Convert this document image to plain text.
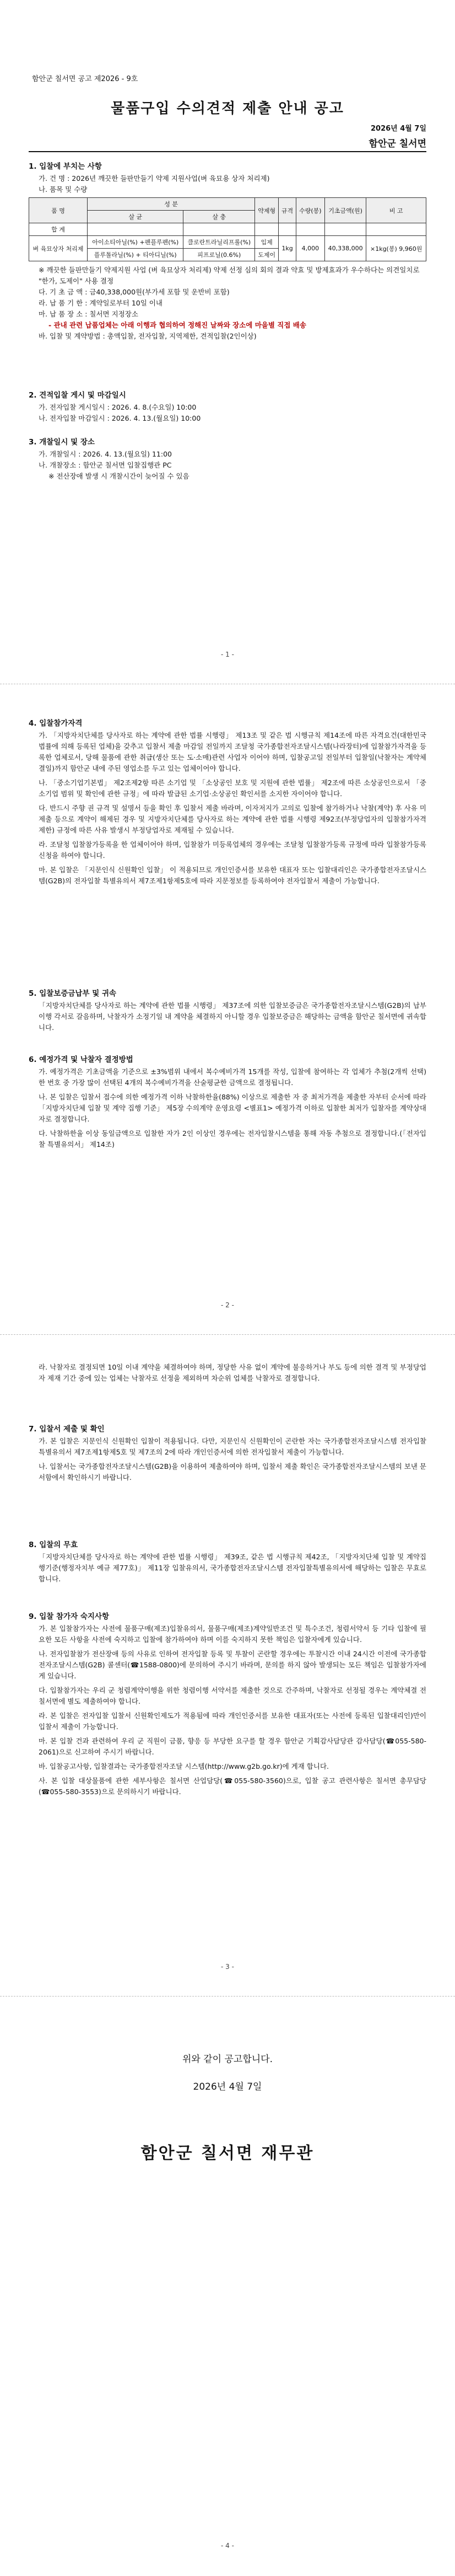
함안군 칠서면 공고 제2026 - 9호
물품구입 수의견적 제출 안내 공고
2026년 4월 7일
함안군 칠서면
1. 입찰에 부치는 사항

가. 건 명 : 2026년 깨끗한 들판만들기 약제 지원사업(벼 육묘용 상자 처리제)

나. 품목 및 수량

품 명	성 분		약제형	규격	수량(봉)	기초금액(원)	비 고
	살 균	살 충					
합 계							
벼 육묘상자 처리제	아이소티아닐(%) +펜플루펜(%)	클로란트라닐리프롤(%)	입제	1kg	4,000	40,338,000	×1kg(봉) 9,960원
	플루톨라닐(%) + 티아디닐(%)	피프로닐(0.6%)	도제이				

※ 깨끗한 들판만들기 약제지원 사업 (벼 육묘상자 처리제) 약제 선정 심의 회의 결과 약효 및 방제효과가 우수하다는 의견일치로 "한가, 도제이" 사용 결정

다. 기 초 금 액 : 금40,338,000원(부가세 포함 및 운반비 포함)

라. 납 품 기 한 : 계약일로부터 10일 이내

마. 납 품 장 소 : 칠서면 지정장소

- 관내 관련 납품업체는 아래 이행과 협의하여 정해진 날짜와 장소에 마을별 직접 배송

바. 입찰 및 계약방법 : 총액입찰, 전자입찰, 지역제한, 견적입찰(2인이상)

2. 견적입찰 게시 및 마감일시

가. 전자입찰 게시일시 : 2026. 4. 8.(수요일) 10:00

나. 전자입찰 마감일시 : 2026. 4. 13.(월요일) 10:00

3. 개찰일시 및 장소

가. 개찰일시 : 2026. 4. 13.(월요일) 11:00

나. 개찰장소 : 함안군 칠서면 입찰집행관 PC

※ 전산장애 발생 시 개찰시간이 늦어질 수 있음

- 1 -
4. 입찰참가자격

가. 「지방자치단체를 당사자로 하는 계약에 관한 법률 시행령」 제13조 및 같은 법 시행규칙 제14조에 따른 자격요건(대한민국 법률에 의해 등록된 업체)을 갖추고 입찰서 제출 마감일 전일까지 조달청 국가종합전자조달시스템(나라장터)에 입찰참가자격을 등록한 업체로서, 당해 물품에 관한 취급(생산 또는 도·소매)관련 사업자 이어야 하며, 입찰공고일 전일부터 입찰일(낙찰자는 계약체결일)까지 함안군 내에 주된 영업소를 두고 있는 업체이어야 합니다.

나. 「중소기업기본법」 제2조제2항 따른 소기업 및 「소상공인 보호 및 지원에 관한 법률」 제2조에 따른 소상공인으로서 「중소기업 범위 및 확인에 관한 규정」에 따라 발급된 소기업·소상공인 확인서를 소지한 자이어야 합니다.

다. 반드시 주향 권 규격 및 설명서 등을 확인 후 입찰서 제출 바라며, 이자저지가 고의로 입찰에 참가하거나 낙찰(계약) 후 사유 미제출 등으로 계약이 해제된 경우 및 지방자치단체를 당사자로 하는 계약에 관한 법률 시행령 제92조(부정당업자의 입찰참가자격 제한) 규정에 따른 사유 발생시 부정당업자로 제재될 수 있습니다.

라. 조달청 입찰참가등록을 한 업체이어야 하며, 입찰참가 미등록업체의 경우에는 조달청 입찰참가등록 규정에 따라 입찰참가등록신청을 하여야 합니다.

마. 본 입찰은 「지문인식 신원확인 입찰」 이 적용되므로 개인인증서를 보유한 대표자 또는 입찰대리인은 국가종합전자조달시스템(G2B)의 전자입찰 특별유의서 제7조제1항제5호에 따라 지문정보를 등록하여야 전자입찰서 제출이 가능합니다.

5. 입찰보증금납부 및 귀속

「지방자치단체를 당사자로 하는 계약에 관한 법률 시행령」 제37조에 의한 입찰보증금은 국가종합전자조달시스템(G2B)의 납부이행 각서로 갈음하며, 낙찰자가 소정기일 내 계약을 체결하지 아니할 경우 입찰보증금은 해당하는 금액을 함안군 칠서면에 귀속합니다.

6. 예정가격 및 낙찰자 결정방법

가. 예정가격은 기초금액을 기준으로 ±3%범위 내에서 복수예비가격 15개를 작성, 입찰에 참여하는 각 업체가 추첨(2개씩 선택)한 번호 중 가장 많이 선택된 4개의 복수예비가격을 산술평균한 금액으로 결정됩니다.

나. 본 입찰은 입찰서 접수에 의한 예정가격 이하 낙찰하한율(88%) 이상으로 제출한 자 중 최저가격을 제출한 자부터 순서에 따라 「지방자치단체 입찰 및 계약 집행 기준」 제5장 수의계약 운영요령 <별표1> 예정가격 이하로 입찰한 최저가 입찰자를 계약상대자로 결정합니다.

다. 낙찰하한율 이상 동일금액으로 입찰한 자가 2인 이상인 경우에는 전자입찰시스템을 통해 자동 추첨으로 결정합니다.(「전자입찰 특별유의서」 제14조)

- 2 -

라. 낙찰자로 결정되면 10일 이내 계약을 체결하여야 하며, 정당한 사유 없이 계약에 불응하거나 부도 등에 의한 결격 및 부정당업자 제재 기간 중에 있는 업체는 낙찰자로 선정을 제외하며 차순위 업체를 낙찰자로 결정합니다.

7. 입찰서 제출 및 확인

가. 본 입찰은 지문인식 신원확인 입찰이 적용됩니다. 다만, 지문인식 신원확인이 곤란한 자는 국가종합전자조달시스템 전자입찰 특별유의서 제7조제1항제5호 및 제7조의 2에 따라 개인인증서에 의한 전자입찰서 제출이 가능합니다.

나. 입찰서는 국가종합전자조달시스템(G2B)을 이용하여 제출하여야 하며, 입찰서 제출 확인은 국가종합전자조달시스템의 보낸 문서함에서 확인하시기 바랍니다.

8. 입찰의 무효

「지방자치단체를 당사자로 하는 계약에 관한 법률 시행령」 제39조, 같은 법 시행규칙 제42조, 「지방자치단체 입찰 및 계약집행기준(행정자치부 예규 제77호)」 제11장 입찰유의서, 국가종합전자조달시스템 전자입찰특별유의서에 해당하는 입찰은 무효로 합니다.

9. 입찰 참가자 숙지사항

가. 본 입찰참가자는 사전에 물품구매(제조)입찰유의서, 물품구매(제조)계약일반조건 및 특수조건, 청렴서약서 등 기타 입찰에 필요한 모든 사항을 사전에 숙지하고 입찰에 참가하여야 하며 이를 숙지하지 못한 책임은 입찰자에게 있습니다.

나. 전자입찰참가 전산장애 등의 사유로 인하여 전자입찰 등록 및 투찰이 곤란할 경우에는 투찰시간 이내 24시간 이전에 국가종합전자조달시스템(G2B) 콜센터(☎1588-0800)에 문의하여 주시기 바라며, 문의를 하지 않아 발생되는 모든 책임은 입찰참가자에게 있습니다.

다. 입찰참가자는 우리 군 청렴계약이행을 위한 청렴이행 서약서를 제출한 것으로 간주하며, 낙찰자로 선정될 경우는 계약체결 전 칠서면에 별도 제출하여야 합니다.

라. 본 입찰은 전자입찰 입찰서 신원확인제도가 적용됨에 따라 개인인증서를 보유한 대표자(또는 사전에 등록된 입찰대리인)만이 입찰서 제출이 가능합니다.

마. 본 입찰 건과 관련하여 우리 군 직원이 금품, 향응 등 부당한 요구를 할 경우 함안군 기획감사담당관 감사담당(☎055-580-2061)으로 신고하여 주시기 바랍니다.

바. 입찰공고사항, 입찰결과는 국가종합전자조달 시스템(http://www.g2b.go.kr)에 게재 합니다.

사. 본 입찰 대상물품에 관한 세부사항은 칠서면 산업담당(☎055-580-3560)으로, 입찰 공고 관련사항은 칠서면 총무담당(☎055-580-3553)으로 문의하시기 바랍니다.

- 3 -
위와 같이 공고합니다.
2026년 4월 7일
함안군 칠서면 재무관
- 4 -
